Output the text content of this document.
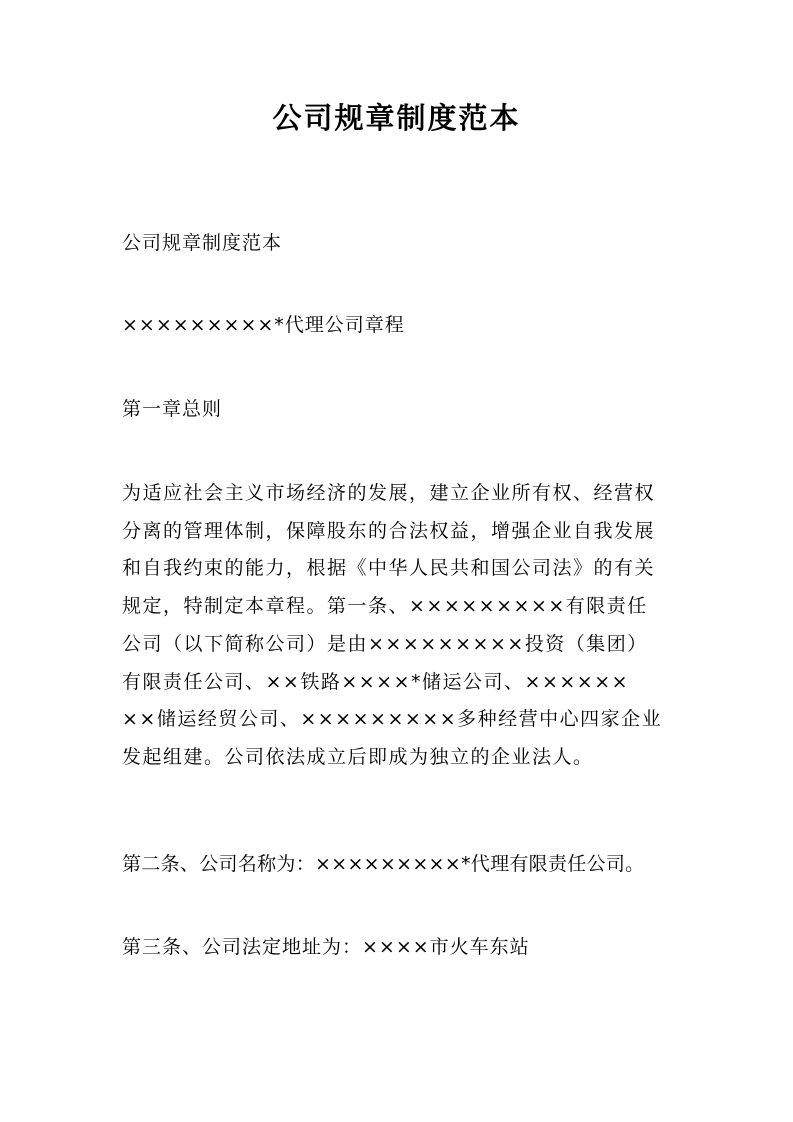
公司规章制度范本
公司规章制度范本
×××××××××*代理公司章程
第一章总则
为适应社会主义市场经济的发展，建立企业所有权、经营权
分离的管理体制，保障股东的合法权益，增强企业自我发展
和自我约束的能力，根据《中华人民共和国公司法》的有关
规定，特制定本章程。第一条、×××××××××有限责任
公司（以下简称公司）是由×××××××××投资（集团）
有限责任公司、××铁路××××*储运公司、××××××
××储运经贸公司、×××××××××多种经营中心四家企业
发起组建。公司依法成立后即成为独立的企业法人。
第二条、公司名称为：×××××××××*代理有限责任公司。
第三条、公司法定地址为：××××市火车东站
